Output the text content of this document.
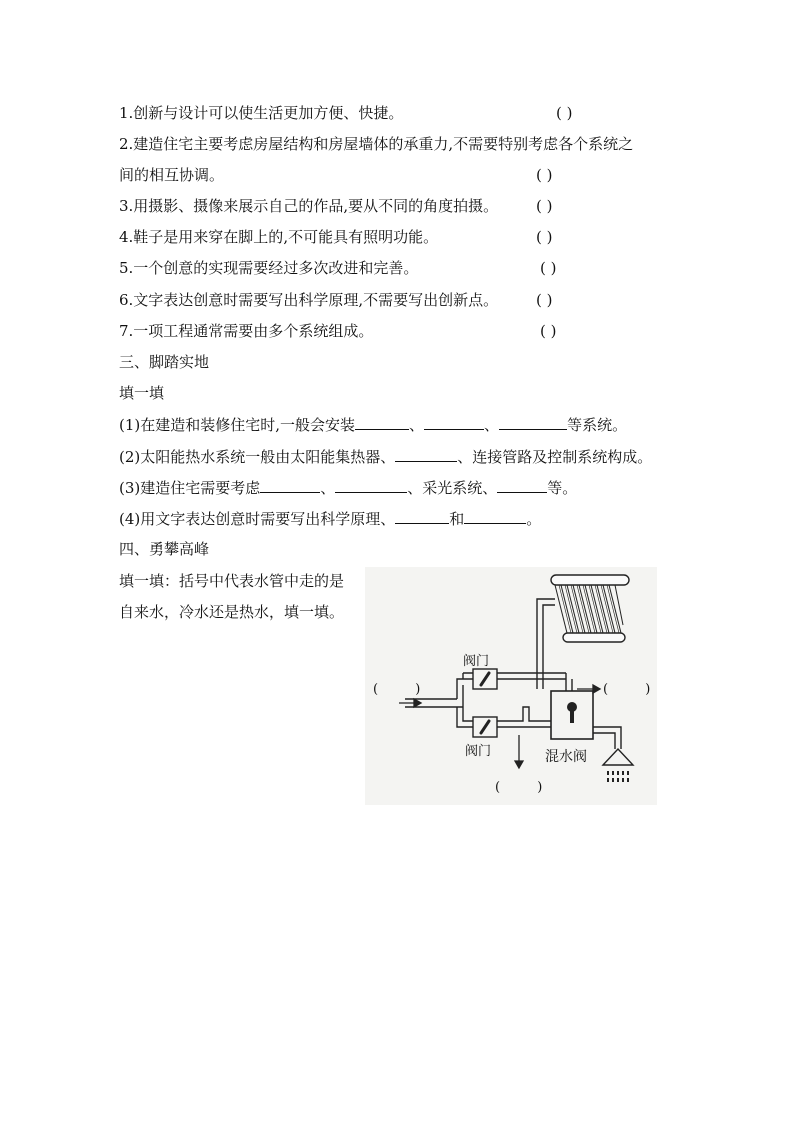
1.创新与设计可以使生活更加方便、快捷。	( )
2.建造住宅主要考虑房屋结构和房屋墙体的承重力,不需要特别考虑各个系统之
间的相互协调。	( )
3.用摄影、摄像来展示自己的作品,要从不同的角度拍摄。	( )
4.鞋子是用来穿在脚上的,不可能具有照明功能。	( )
5.一个创意的实现需要经过多次改进和完善。	( )
6.文字表达创意时需要写出科学原理,不需要写出创新点。	( )
7.一项工程通常需要由多个系统组成。	( )
三、脚踏实地
填一填
(1)在建造和装修住宅时,一般会安装	、	、	等系统。
(2)太阳能热水系统一般由太阳能集热器、	、连接管路及控制系统构成。
(3)建造住宅需要考虑	、	、采光系统、	等。
(4)用文字表达创意时需要写出科学原理、	和	。
四、勇攀高峰
填一填：括号中代表水管中走的是自来水，冷水还是热水，填一填。
阀门
阀门	混水阀
(         )	(         )
(         )
